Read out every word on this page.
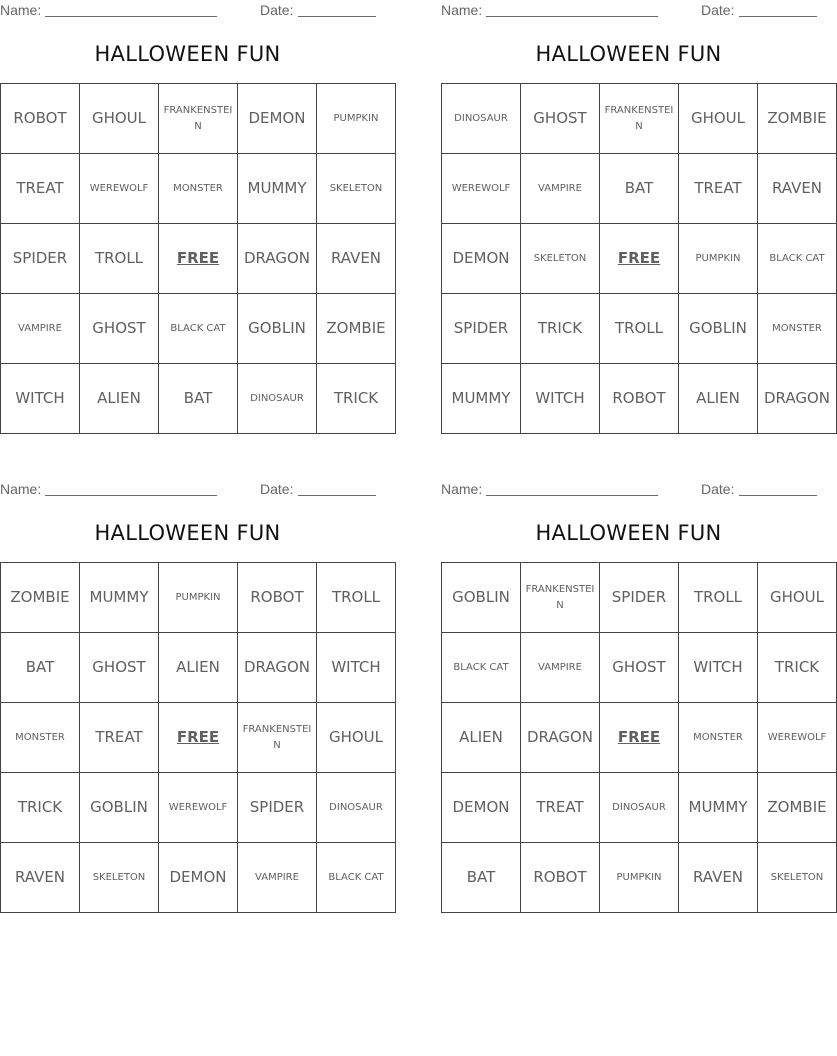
Name:	Date:
HALLOWEEN FUN
ROBOT	GHOUL	FRANKENSTEIN	DEMON	PUMPKIN
TREAT	WEREWOLF	MONSTER	MUMMY	SKELETON
SPIDER	TROLL	FREE	DRAGON	RAVEN
VAMPIRE	GHOST	BLACK CAT	GOBLIN	ZOMBIE
WITCH	ALIEN	BAT	DINOSAUR	TRICK
Name:	Date:
HALLOWEEN FUN
DINOSAUR	GHOST	FRANKENSTEIN	GHOUL	ZOMBIE
WEREWOLF	VAMPIRE	BAT	TREAT	RAVEN
DEMON	SKELETON	FREE	PUMPKIN	BLACK CAT
SPIDER	TRICK	TROLL	GOBLIN	MONSTER
MUMMY	WITCH	ROBOT	ALIEN	DRAGON
Name:	Date:
HALLOWEEN FUN
ZOMBIE	MUMMY	PUMPKIN	ROBOT	TROLL
BAT	GHOST	ALIEN	DRAGON	WITCH
MONSTER	TREAT	FREE	FRANKENSTEIN	GHOUL
TRICK	GOBLIN	WEREWOLF	SPIDER	DINOSAUR
RAVEN	SKELETON	DEMON	VAMPIRE	BLACK CAT
Name:	Date:
HALLOWEEN FUN
GOBLIN	FRANKENSTEIN	SPIDER	TROLL	GHOUL
BLACK CAT	VAMPIRE	GHOST	WITCH	TRICK
ALIEN	DRAGON	FREE	MONSTER	WEREWOLF
DEMON	TREAT	DINOSAUR	MUMMY	ZOMBIE
BAT	ROBOT	PUMPKIN	RAVEN	SKELETON
